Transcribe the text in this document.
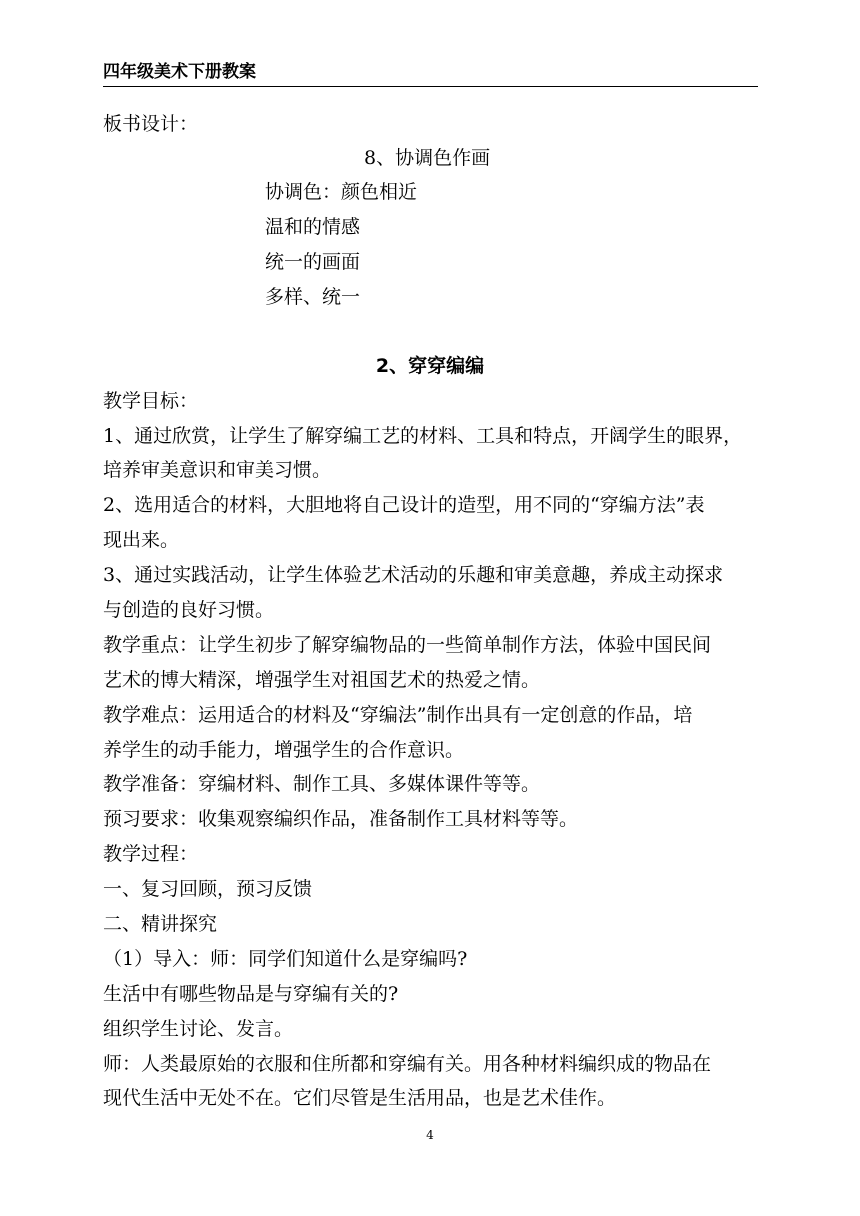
四年级美术下册教案
板书设计：
8、协调色作画
协调色：颜色相近
温和的情感
统一的画面
多样、统一
2、穿穿编编
教学目标：
1、通过欣赏，让学生了解穿编工艺的材料、工具和特点，开阔学生的眼界，
培养审美意识和审美习惯。
2、选用适合的材料，大胆地将自己设计的造型，用不同的“穿编方法”表
现出来。
3、通过实践活动，让学生体验艺术活动的乐趣和审美意趣，养成主动探求
与创造的良好习惯。
教学重点：让学生初步了解穿编物品的一些简单制作方法，体验中国民间
艺术的博大精深，增强学生对祖国艺术的热爱之情。
教学难点：运用适合的材料及“穿编法”制作出具有一定创意的作品，培
养学生的动手能力，增强学生的合作意识。
教学准备：穿编材料、制作工具、多媒体课件等等。
预习要求：收集观察编织作品，准备制作工具材料等等。
教学过程：
一、复习回顾，预习反馈
二、精讲探究
（1）导入：师：同学们知道什么是穿编吗?
生活中有哪些物品是与穿编有关的?
组织学生讨论、发言。
师：人类最原始的衣服和住所都和穿编有关。用各种材料编织成的物品在
现代生活中无处不在。它们尽管是生活用品，也是艺术佳作。
4
